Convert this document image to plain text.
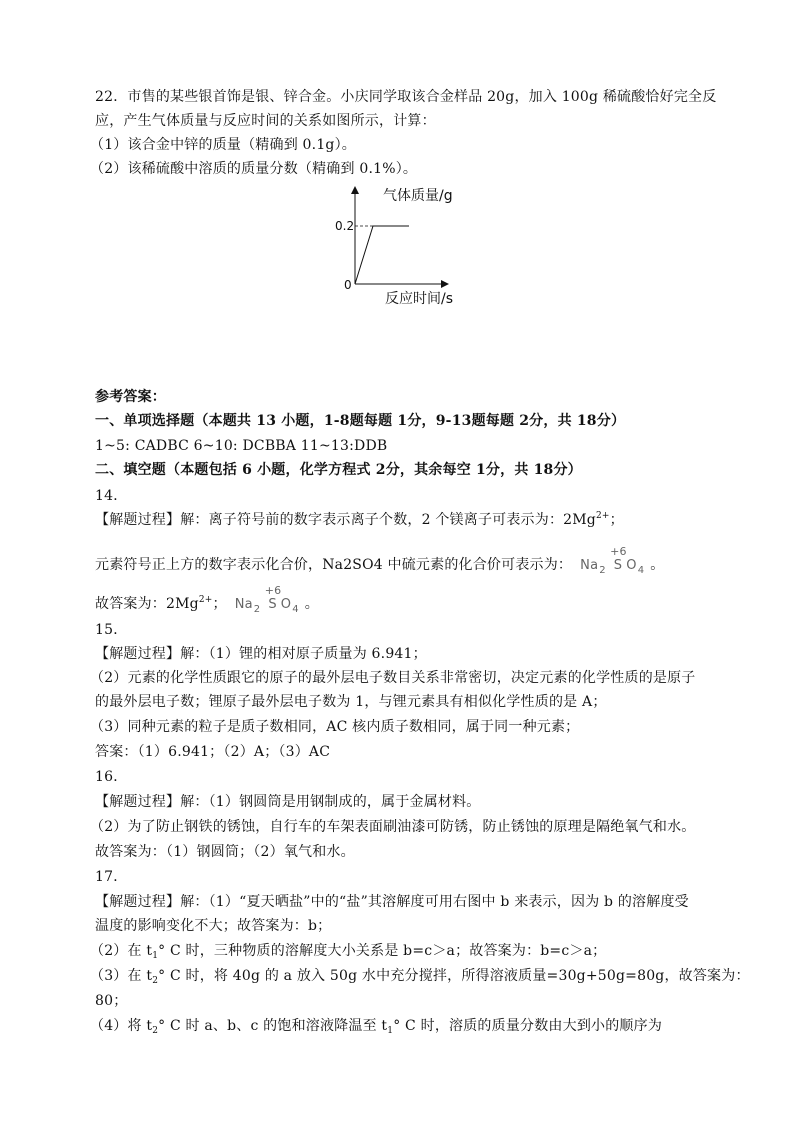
22．市售的某些银首饰是银、锌合金。小庆同学取该合金样品 20g，加入 100g 稀硫酸恰好完全反
应，产生气体质量与反应时间的关系如图所示，计算：
（1）该合金中锌的质量（精确到 0.1g）。
（2）该稀硫酸中溶质的质量分数（精确到 0.1%）。
气体质量/g
反应时间/s
0
0.2
参考答案：
一、单项选择题（本题共 13 小题，1-8题每题 1分，9-13题每题 2分，共 18分）
1~5: CADBC 6~10: DCBBA 11~13:DDB
二、填空题（本题包括 6 小题，化学方程式 2分，其余每空 1分，共 18分）
14．
【解题过程】解：离子符号前的数字表示离子个数，2 个镁离子可表示为：$2Mg^{2+}$；
元素符号正上方的数字表示化合价，Na2SO4 中硫元素的化合价可表示为：
+6
$Na_2$ S $O_4$ 。
故答案为：$2Mg^{2+}$；
+6
$Na_2$ S $O_4$ 。
15．
【解题过程】解：（1）锂的相对原子质量为 6.941；
（2）元素的化学性质跟它的原子的最外层电子数目关系非常密切，决定元素的化学性质的是原子
的最外层电子数；锂原子最外层电子数为 1，与锂元素具有相似化学性质的是 A；
（3）同种元素的粒子是质子数相同，AC 核内质子数相同，属于同一种元素；
答案：（1）6.941；（2）A；（3）AC
16．
【解题过程】解：（1）钢圆筒是用钢制成的，属于金属材料。
（2）为了防止钢铁的锈蚀，自行车的车架表面刷油漆可防锈，防止锈蚀的原理是隔绝氧气和水。
故答案为：（1）钢圆筒；（2）氧气和水。
17．
【解题过程】解：（1）“夏天晒盐”中的“盐”其溶解度可用右图中 b 来表示，因为 b 的溶解度受
温度的影响变化不大；故答案为：b；
（2）在 $t_1^\circ$ C 时，三种物质的溶解度大小关系是 b=c＞a；故答案为：b=c＞a；
（3）在 $t_2^\circ$ C 时，将 40g 的 a 放入 50g 水中充分搅拌，所得溶液质量=30g+50g=80g，故答案为：
80；
（4）将 $t_2^\circ$ C 时 a、b、c 的饱和溶液降温至 $t_1^\circ$ C 时，溶质的质量分数由大到小的顺序为
